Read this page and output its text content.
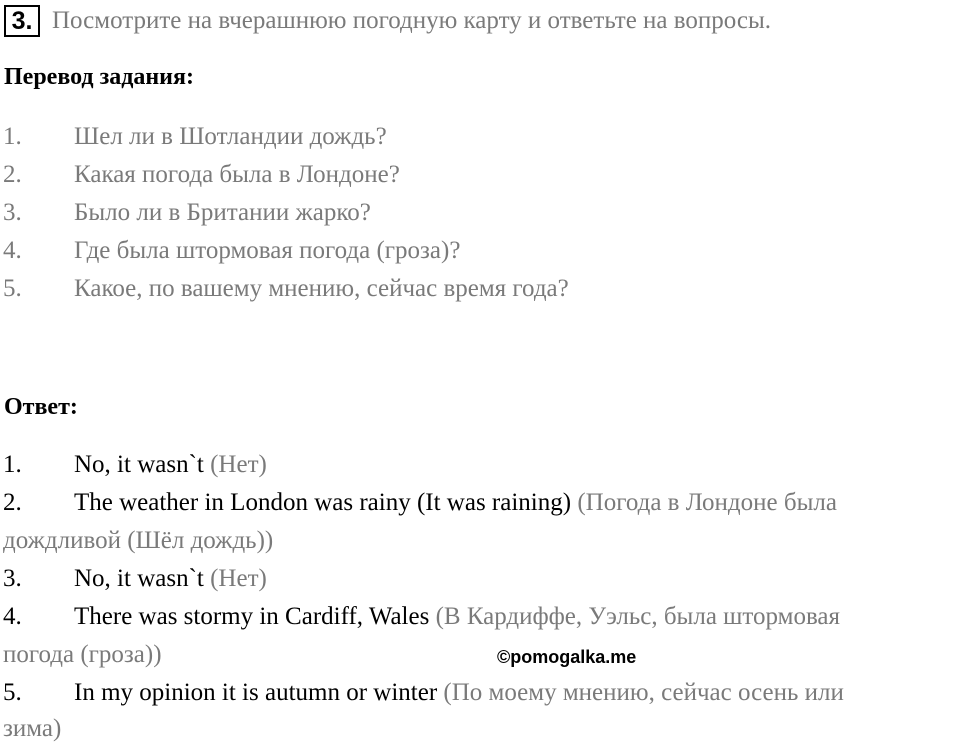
3. Посмотрите на вчерашнюю погодную карту и ответьте на вопросы.
Перевод задания:
1. Шел ли в Шотландии дождь?
2. Какая погода была в Лондоне?
3. Было ли в Британии жарко?
4. Где была штормовая погода (гроза)?
5. Какое, по вашему мнению, сейчас время года?
Ответ:
1. No, it wasn`t (Нет)
2. The weather in London was rainy (It was raining) (Погода в Лондоне была
дождливой (Шёл дождь))
3. No, it wasn`t (Нет)
4. There was stormy in Cardiff, Wales (В Кардиффе, Уэльс, была штормовая
погода (гроза))
5. In my opinion it is autumn or winter (По моему мнению, сейчас осень или
зима)
©pomogalka.me
